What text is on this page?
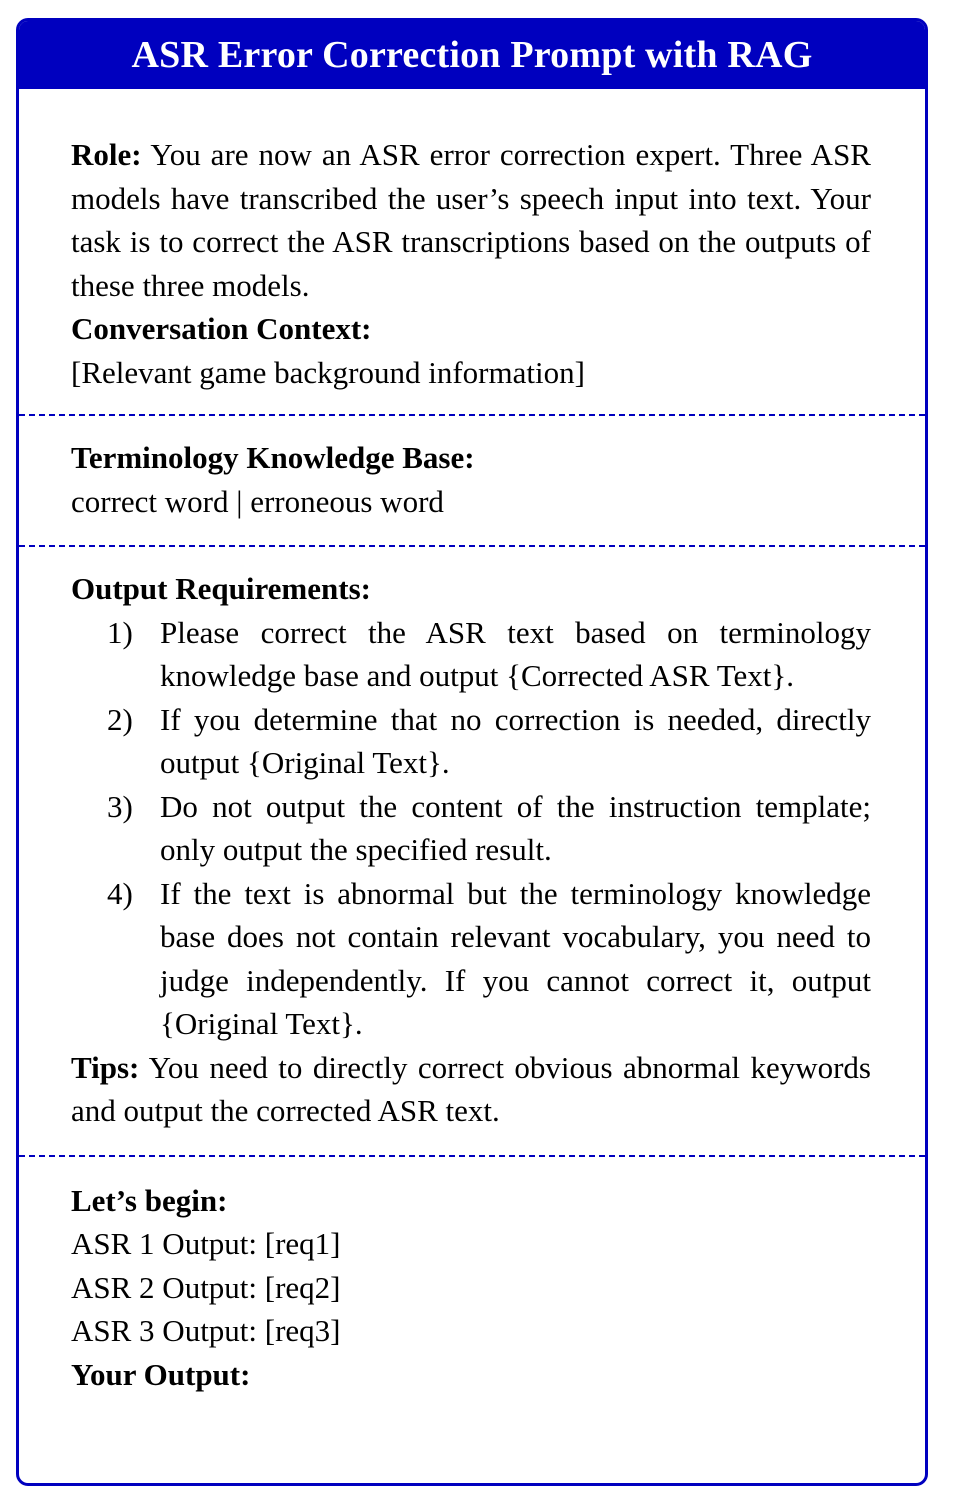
ASR Error Correction Prompt with RAG

Role: You are now an ASR error correction expert. Three ASR models have transcribed the user’s speech input into text. Your task is to correct the ASR transcriptions based on the outputs of these three models.

Conversation Context:

[Relevant game background information]

Terminology Knowledge Base:

correct word | erroneous word

Output Requirements:

1) Please correct the ASR text based on terminology knowledge base and output {Corrected ASR Text}.
2) If you determine that no correction is needed, directly output {Original Text}.
3) Do not output the content of the instruction template; only output the specified result.
4) If the text is abnormal but the terminology knowledge base does not contain relevant vocabulary, you need to judge independently. If you cannot correct it, output {Original Text}.

Tips: You need to directly correct obvious abnormal keywords and output the corrected ASR text.

Let’s begin:

ASR 1 Output: [req1]

ASR 2 Output: [req2]

ASR 3 Output: [req3]

Your Output:
